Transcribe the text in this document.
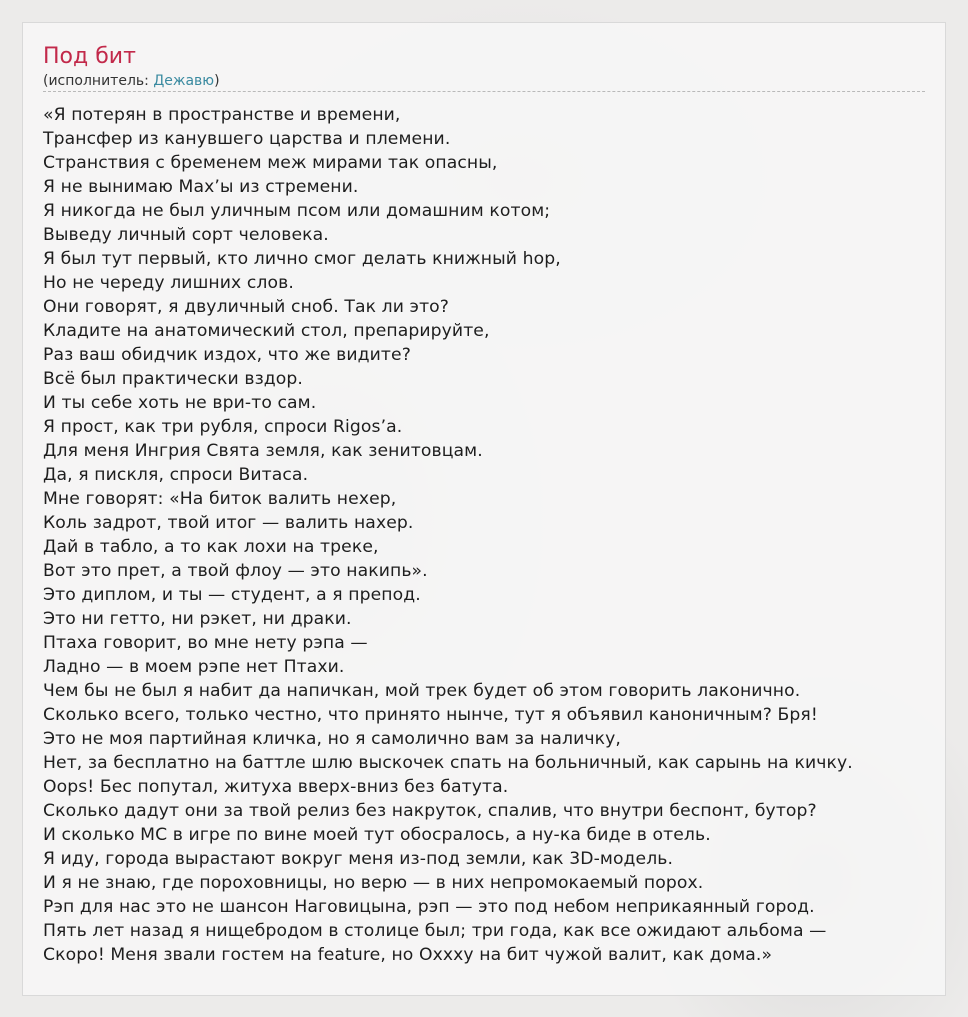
Под бит
(исполнитель: Дежавю)
«Я потерян в пространстве и времени,
Трансфер из канувшего царства и племени.
Странствия с бременем меж мирами так опасны,
Я не вынимаю Max’ы из стремени.
Я никогда не был уличным псом или домашним котом;
Выведу личный сорт человека.
Я был тут первый, кто лично смог делать книжный hop,
Но не череду лишних слов.
Они говорят, я двуличный сноб. Так ли это?
Кладите на анатомический стол, препарируйте,
Раз ваш обидчик издох, что же видите?
Всё был практически вздор.
И ты себе хоть не ври-то сам.
Я прост, как три рубля, спроси Rigos’a.
Для меня Ингрия Свята земля, как зенитовцам.
Да, я пискля, спроси Витаса.
Мне говорят: «На биток валить нехер,
Коль задрот, твой итог — валить нахер.
Дай в табло, а то как лохи на треке,
Вот это прет, а твой флоу — это накипь».
Это диплом, и ты — студент, а я препод.
Это ни гетто, ни рэкет, ни драки.
Птаха говорит, во мне нету рэпа —
Ладно — в моем рэпе нет Птахи.
Чем бы не был я набит да напичкан, мой трек будет об этом говорить лаконично.
Сколько всего, только честно, что принято нынче, тут я объявил каноничным? Бря!
Это не моя партийная кличка, но я самолично вам за наличку,
Нет, за бесплатно на баттле шлю выскочек спать на больничный, как сарынь на кичку.
Oops! Бес попутал, житуха вверх-вниз без батута.
Сколько дадут они за твой релиз без накруток, спалив, что внутри беспонт, бутор?
И сколько MC в игре по вине моей тут обосралось, а ну-ка биде в отель.
Я иду, города вырастают вокруг меня из-под земли, как 3D-модель.
И я не знаю, где пороховницы, но верю — в них непромокаемый порох.
Рэп для нас это не шансон Наговицына, рэп — это под небом неприкаянный город.
Пять лет назад я нищебродом в столице был; три года, как все ожидают альбома —
Скоро! Меня звали гостем на feature, но Oxxxy на бит чужой валит, как дома.»
